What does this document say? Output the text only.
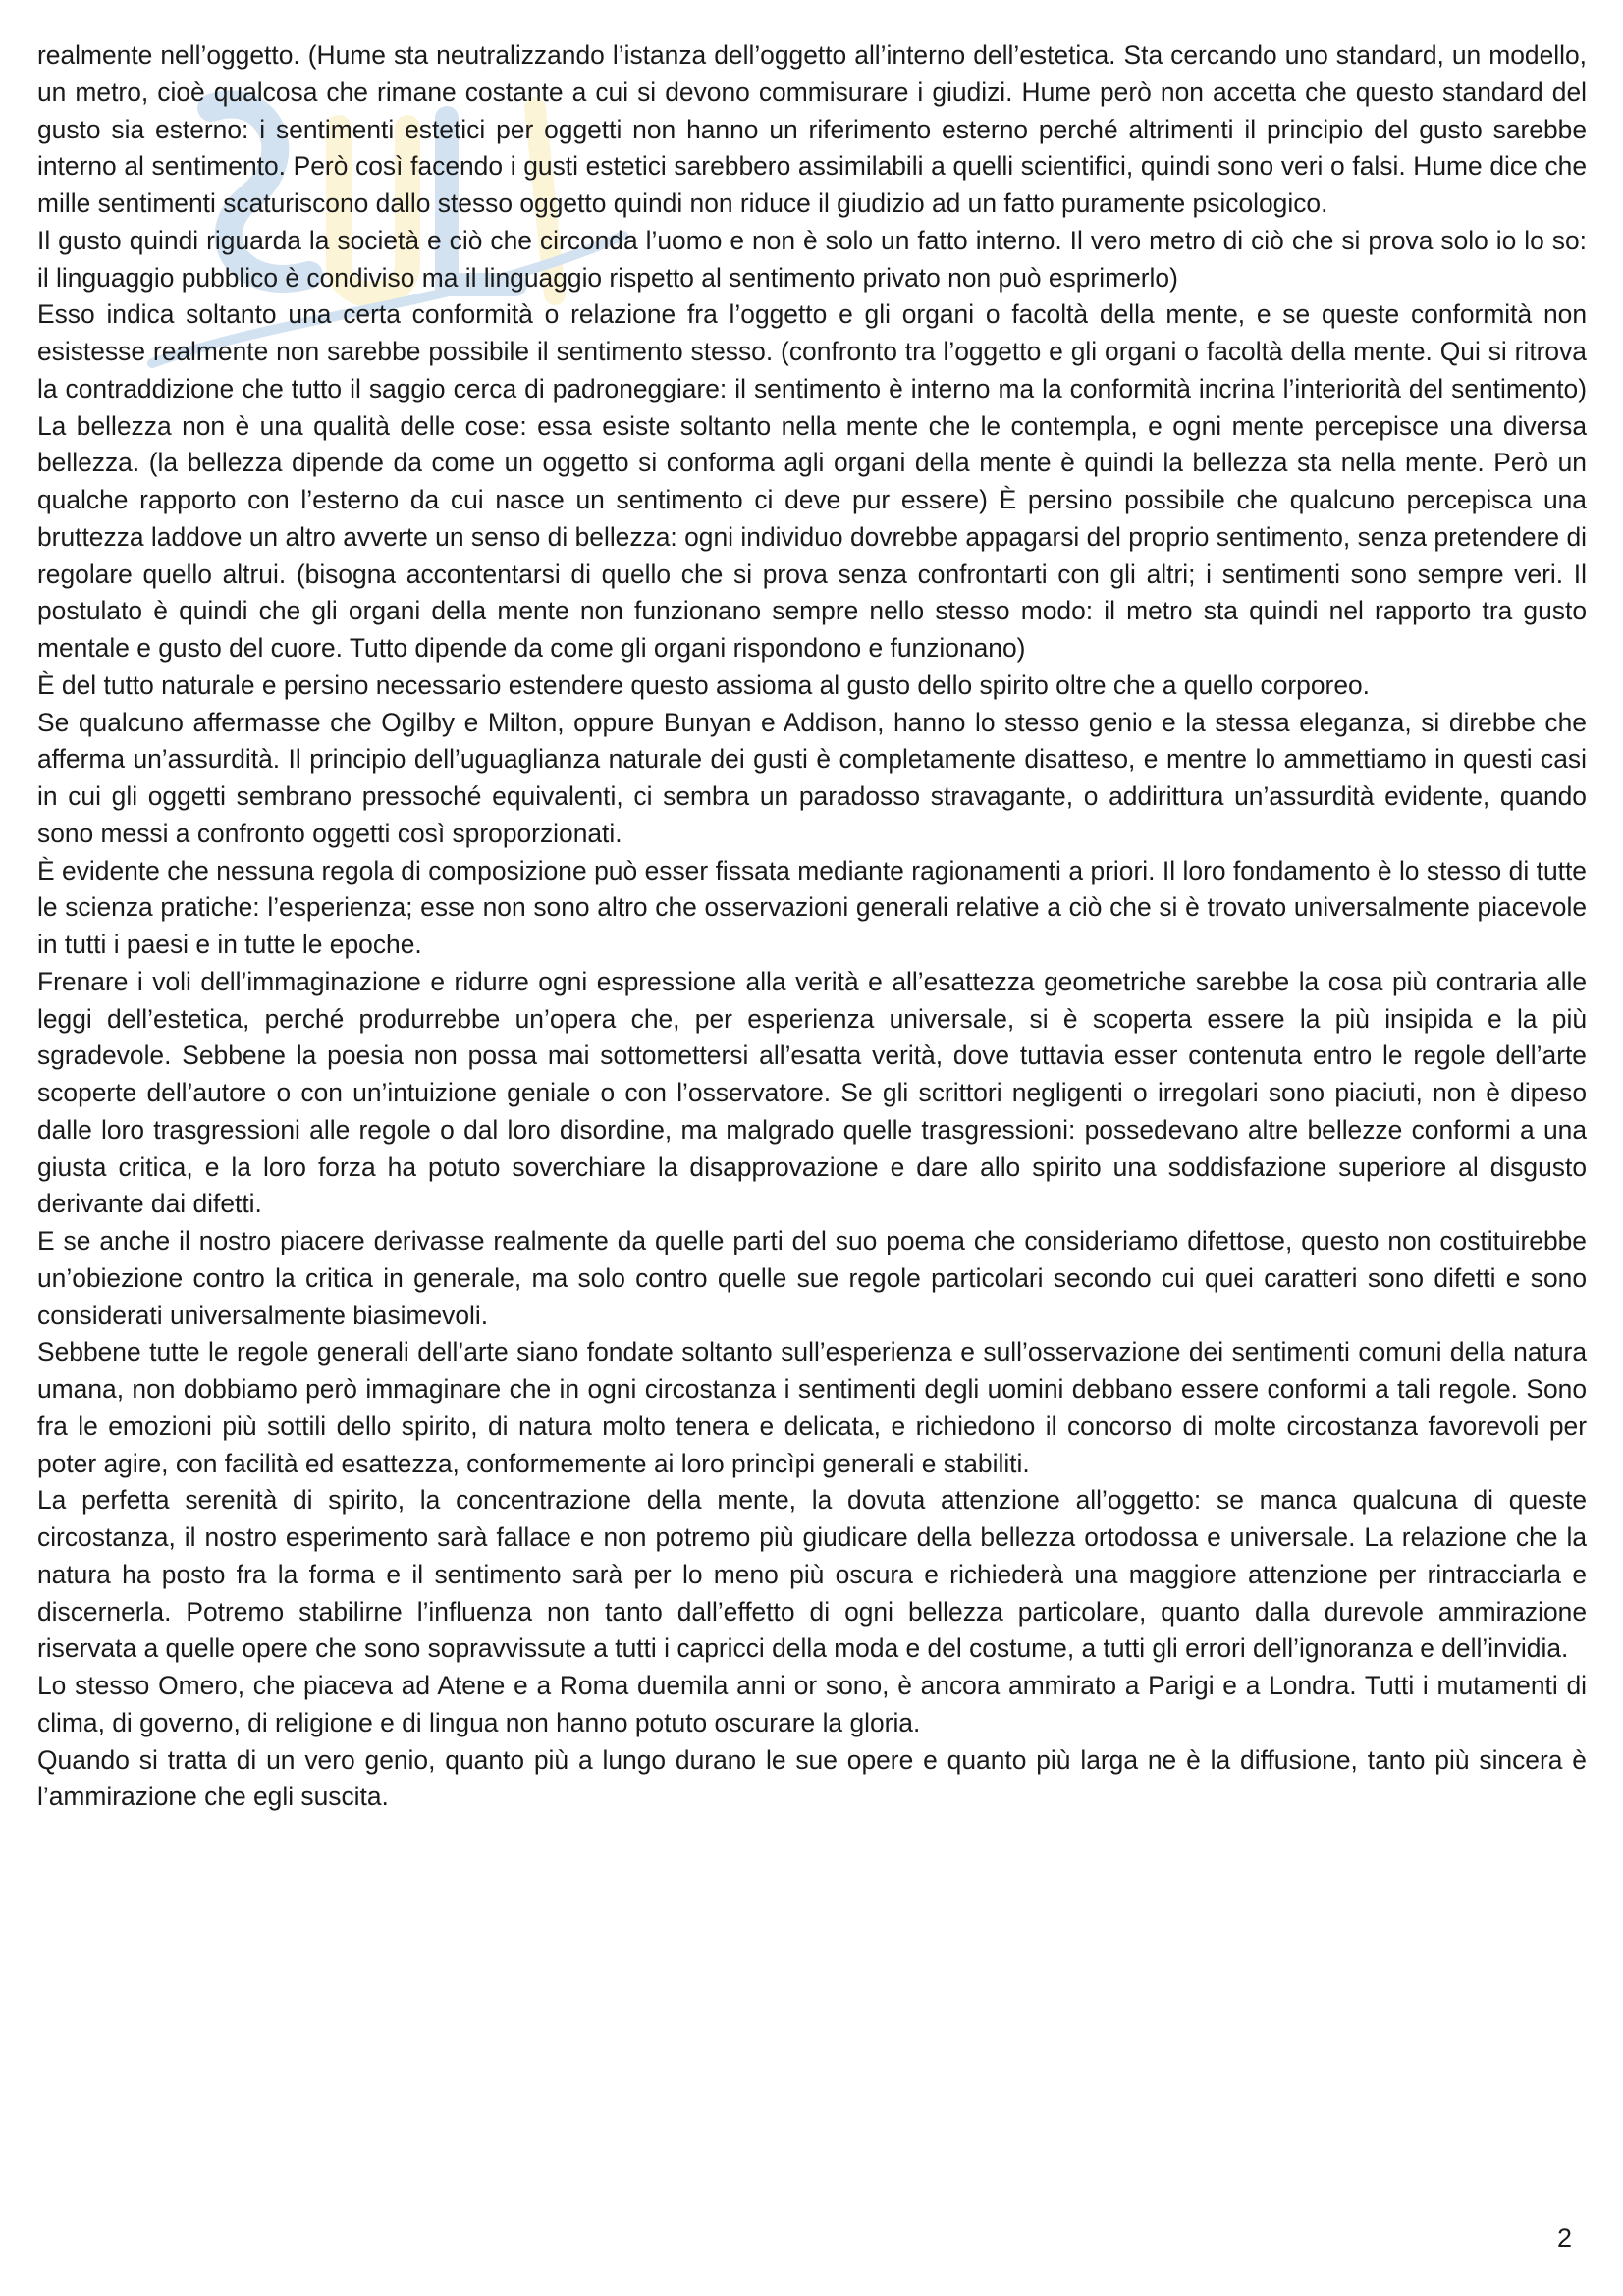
realmente nell’oggetto. (Hume sta neutralizzando l’istanza dell’oggetto all’interno dell’estetica. Sta cercando uno standard, un modello, un metro, cioè qualcosa che rimane costante a cui si devono commisurare i giudizi. Hume però non accetta che questo standard del gusto sia esterno: i sentimenti estetici per oggetti non hanno un riferimento esterno perché altrimenti il principio del gusto sarebbe interno al sentimento. Però così facendo i gusti estetici sarebbero assimilabili a quelli scientifici, quindi sono veri o falsi. Hume dice che mille sentimenti scaturiscono dallo stesso oggetto quindi non riduce il giudizio ad un fatto puramente psicologico.

Il gusto quindi riguarda la società e ciò che circonda l’uomo e non è solo un fatto interno. Il vero metro di ciò che si prova solo io lo so: il linguaggio pubblico è condiviso ma il linguaggio rispetto al sentimento privato non può esprimerlo)

Esso indica soltanto una certa conformità o relazione fra l’oggetto e gli organi o facoltà della mente, e se queste conformità non esistesse realmente non sarebbe possibile il sentimento stesso. (confronto tra l’oggetto e gli organi o facoltà della mente. Qui si ritrova la contraddizione che tutto il saggio cerca di padroneggiare: il sentimento è interno ma la conformità incrina l’interiorità del sentimento) La bellezza non è una qualità delle cose: essa esiste soltanto nella mente che le contempla, e ogni mente percepisce una diversa bellezza. (la bellezza dipende da come un oggetto si conforma agli organi della mente è quindi la bellezza sta nella mente. Però un qualche rapporto con l’esterno da cui nasce un sentimento ci deve pur essere) È persino possibile che qualcuno percepisca una bruttezza laddove un altro avverte un senso di bellezza: ogni individuo dovrebbe appagarsi del proprio sentimento, senza pretendere di regolare quello altrui. (bisogna accontentarsi di quello che si prova senza confrontarti con gli altri; i sentimenti sono sempre veri. Il postulato è quindi che gli organi della mente non funzionano sempre nello stesso modo: il metro sta quindi nel rapporto tra gusto mentale e gusto del cuore. Tutto dipende da come gli organi rispondono e funzionano)

È del tutto naturale e persino necessario estendere questo assioma al gusto dello spirito oltre che a quello corporeo.

Se qualcuno affermasse che Ogilby e Milton, oppure Bunyan e Addison, hanno lo stesso genio e la stessa eleganza, si direbbe che afferma un’assurdità. Il principio dell’uguaglianza naturale dei gusti è completamente disatteso, e mentre lo ammettiamo in questi casi in cui gli oggetti sembrano pressoché equivalenti, ci sembra un paradosso stravagante, o addirittura un’assurdità evidente, quando sono messi a confronto oggetti così sproporzionati.

È evidente che nessuna regola di composizione può esser fissata mediante ragionamenti a priori. Il loro fondamento è lo stesso di tutte le scienza pratiche: l’esperienza; esse non sono altro che osservazioni generali relative a ciò che si è trovato universalmente piacevole in tutti i paesi e in tutte le epoche.

Frenare i voli dell’immaginazione e ridurre ogni espressione alla verità e all’esattezza geometriche sarebbe la cosa più contraria alle leggi dell’estetica, perché produrrebbe un’opera che, per esperienza universale, si è scoperta essere la più insipida e la più sgradevole. Sebbene la poesia non possa mai sottomettersi all’esatta verità, dove tuttavia esser contenuta entro le regole dell’arte scoperte dell’autore o con un’intuizione geniale o con l’osservatore. Se gli scrittori negligenti o irregolari sono piaciuti, non è dipeso dalle loro trasgressioni alle regole o dal loro disordine, ma malgrado quelle trasgressioni: possedevano altre bellezze conformi a una giusta critica, e la loro forza ha potuto soverchiare la disapprovazione e dare allo spirito una soddisfazione superiore al disgusto derivante dai difetti.

E se anche il nostro piacere derivasse realmente da quelle parti del suo poema che consideriamo difettose, questo non costituirebbe un’obiezione contro la critica in generale, ma solo contro quelle sue regole particolari secondo cui quei caratteri sono difetti e sono considerati universalmente biasimevoli.

Sebbene tutte le regole generali dell’arte siano fondate soltanto sull’esperienza e sull’osservazione dei sentimenti comuni della natura umana, non dobbiamo però immaginare che in ogni circostanza i sentimenti degli uomini debbano essere conformi a tali regole. Sono fra le emozioni più sottili dello spirito, di natura molto tenera e delicata, e richiedono il concorso di molte circostanza favorevoli per poter agire, con facilità ed esattezza, conformemente ai loro princìpi generali e stabiliti.

La perfetta serenità di spirito, la concentrazione della mente, la dovuta attenzione all’oggetto: se manca qualcuna di queste circostanza, il nostro esperimento sarà fallace e non potremo più giudicare della bellezza ortodossa e universale. La relazione che la natura ha posto fra la forma e il sentimento sarà per lo meno più oscura e richiederà una maggiore attenzione per rintracciarla e discernerla. Potremo stabilirne l’influenza non tanto dall’effetto di ogni bellezza particolare, quanto dalla durevole ammirazione riservata a quelle opere che sono sopravvissute a tutti i capricci della moda e del costume, a tutti gli errori dell’ignoranza e dell’invidia.

Lo stesso Omero, che piaceva ad Atene e a Roma duemila anni or sono, è ancora ammirato a Parigi e a Londra. Tutti i mutamenti di clima, di governo, di religione e di lingua non hanno potuto oscurare la gloria.

Quando si tratta di un vero genio, quanto più a lungo durano le sue opere e quanto più larga ne è la diffusione, tanto più sincera è l’ammirazione che egli suscita.

2
